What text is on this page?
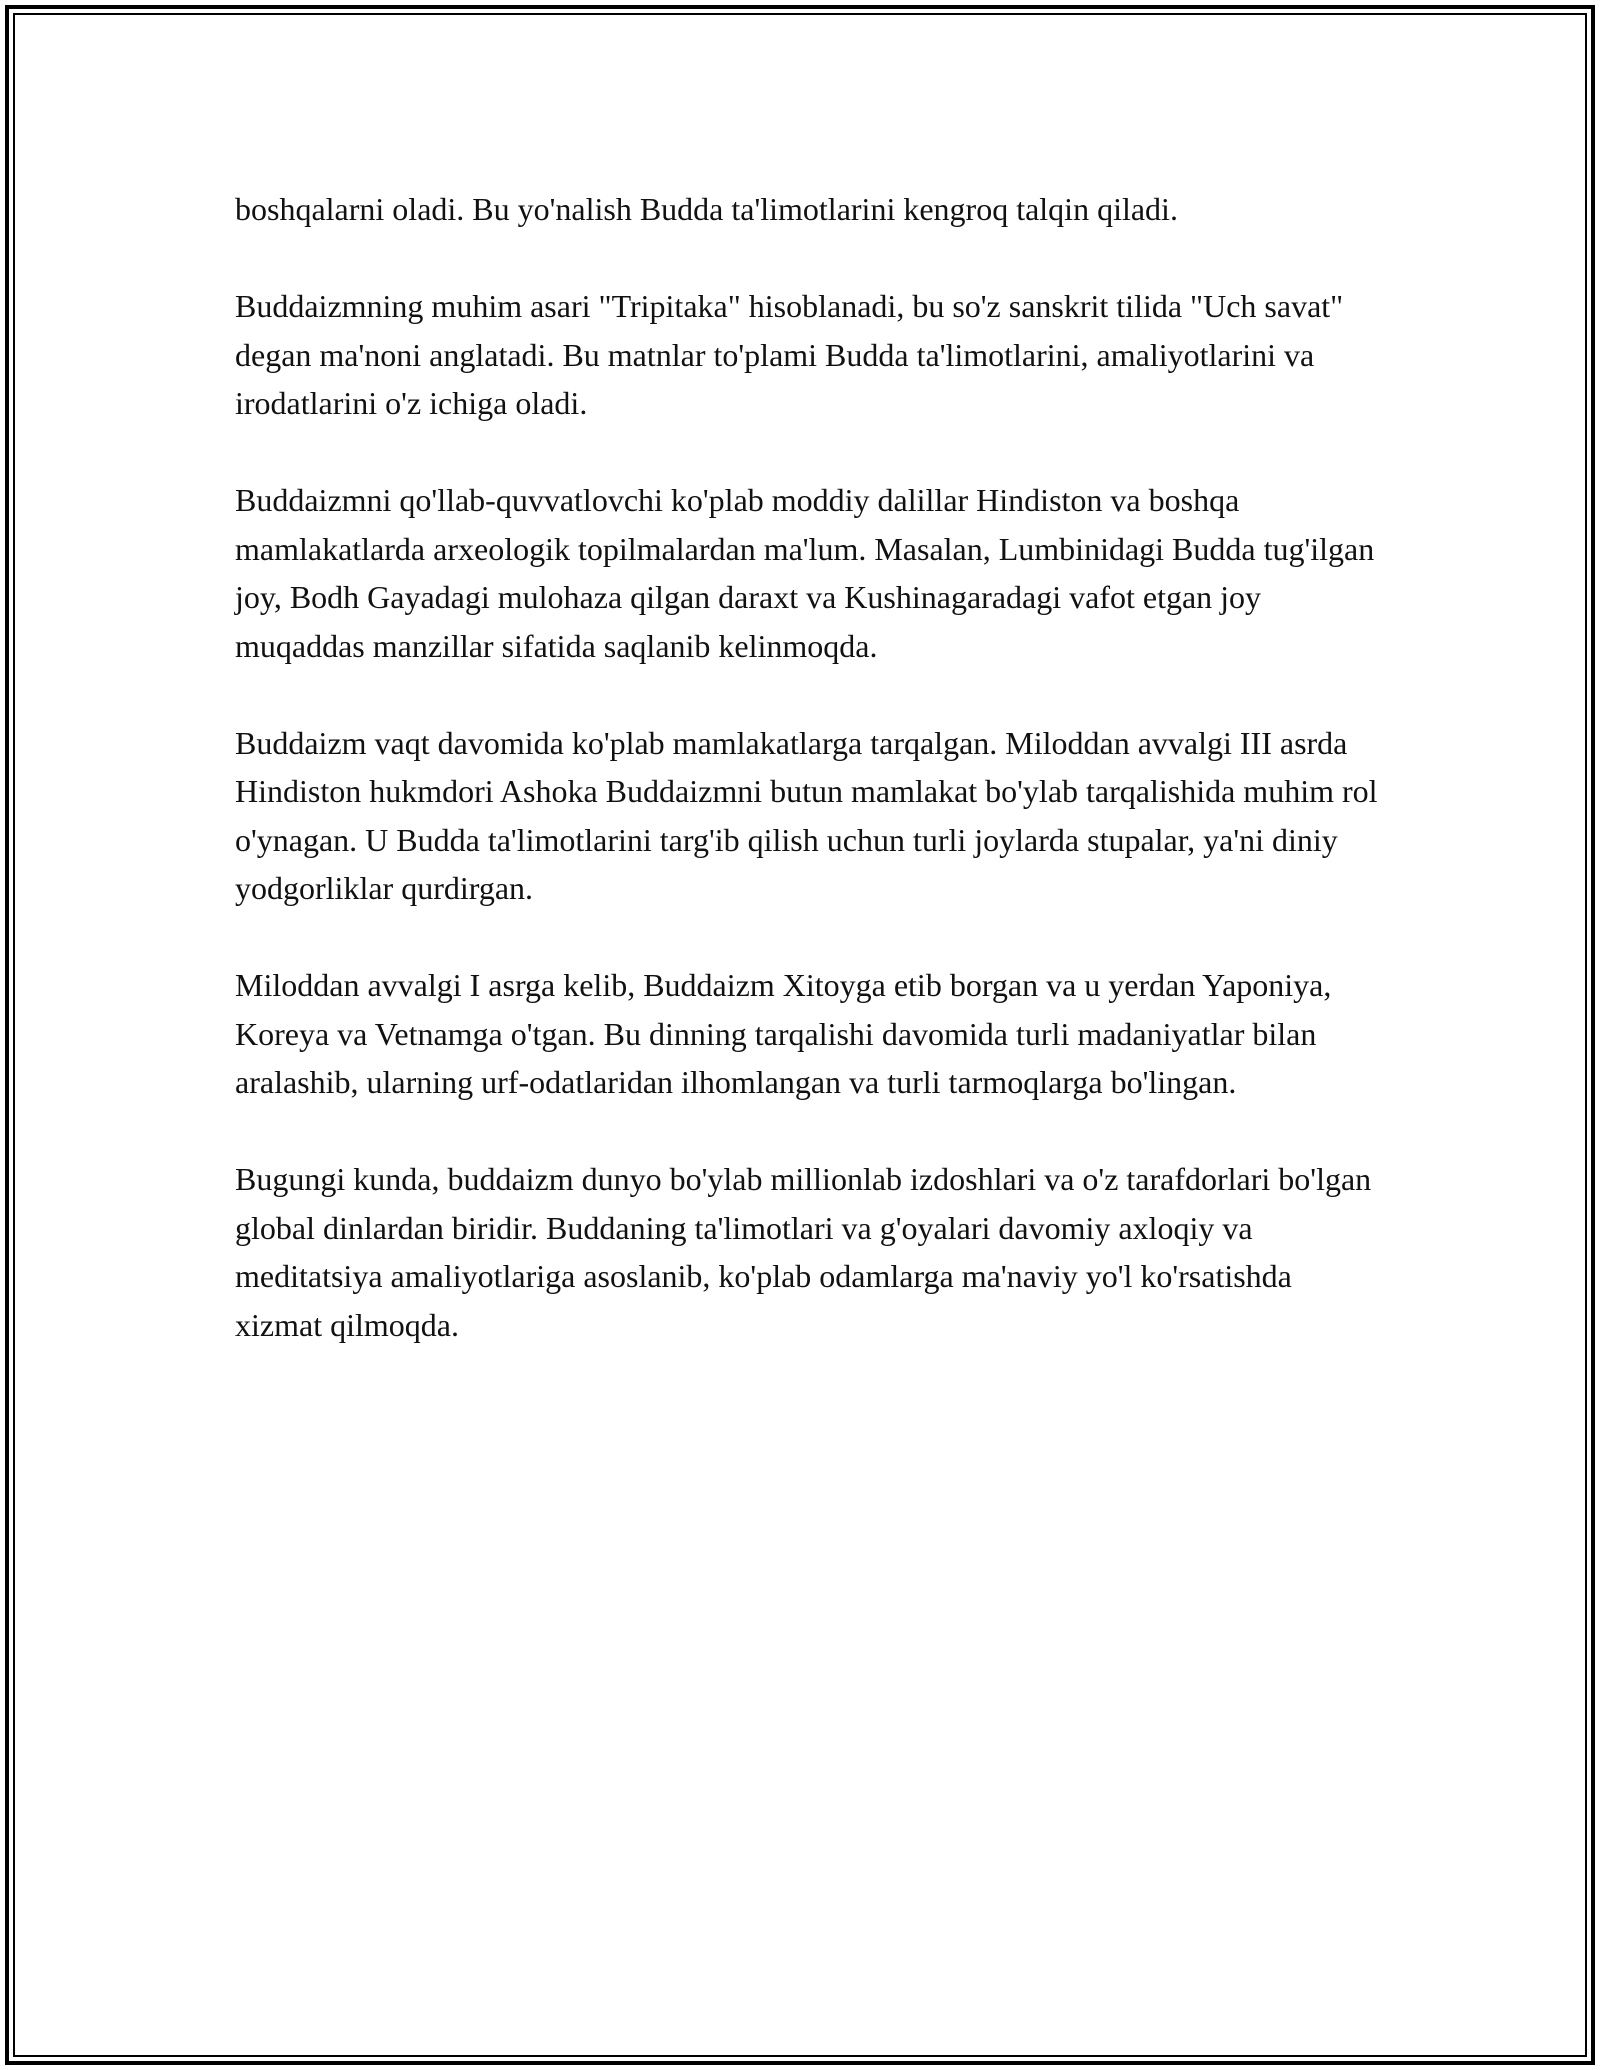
boshqalarni oladi. Bu yo'nalish Budda ta'limotlarini kengroq talqin qiladi.

Buddaizmning muhim asari "Tripitaka" hisoblanadi, bu so'z sanskrit tilida "Uch savat" degan ma'noni anglatadi. Bu matnlar to'plami Budda ta'limotlarini, amaliyotlarini va irodatlarini o'z ichiga oladi.

Buddaizmni qo'llab-quvvatlovchi ko'plab moddiy dalillar Hindiston va boshqa mamlakatlarda arxeologik topilmalardan ma'lum. Masalan, Lumbinidagi Budda tug'ilgan joy, Bodh Gayadagi mulohaza qilgan daraxt va Kushinagaradagi vafot etgan joy muqaddas manzillar sifatida saqlanib kelinmoqda.

Buddaizm vaqt davomida ko'plab mamlakatlarga tarqalgan. Miloddan avvalgi III asrda Hindiston hukmdori Ashoka Buddaizmni butun mamlakat bo'ylab tarqalishida muhim rol o'ynagan. U Budda ta'limotlarini targ'ib qilish uchun turli joylarda stupalar, ya'ni diniy yodgorliklar qurdirgan.

Miloddan avvalgi I asrga kelib, Buddaizm Xitoyga etib borgan va u yerdan Yaponiya, Koreya va Vetnamga o'tgan. Bu dinning tarqalishi davomida turli madaniyatlar bilan aralashib, ularning urf-odatlaridan ilhomlangan va turli tarmoqlarga bo'lingan.

Bugungi kunda, buddaizm dunyo bo'ylab millionlab izdoshlari va o'z tarafdorlari bo'lgan global dinlardan biridir. Buddaning ta'limotlari va g'oyalari davomiy axloqiy va meditatsiya amaliyotlariga asoslanib, ko'plab odamlarga ma'naviy yo'l ko'rsatishda xizmat qilmoqda.
